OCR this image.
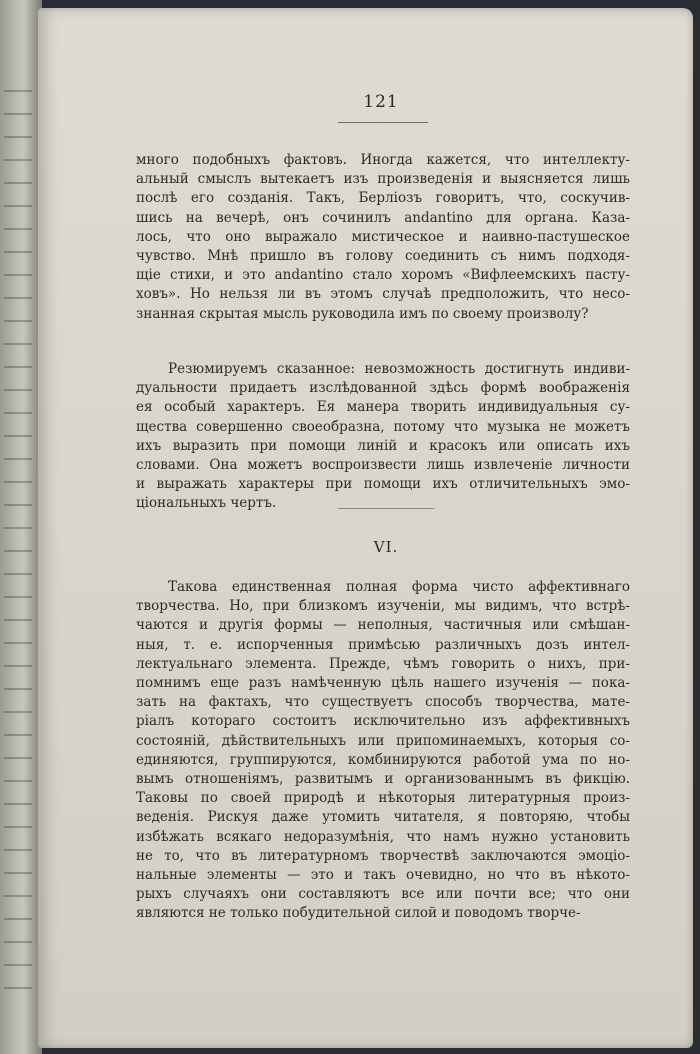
121
много подобныхъ фактовъ. Иногда кажется, что интеллекту-
альный смыслъ вытекаетъ изъ произведенія и выясняется лишь
послѣ его созданія. Такъ, Берліозъ говоритъ, что, соскучив-
шись на вечерѣ, онъ сочинилъ andantino для органа. Каза-
лось, что оно выражало мистическое и наивно-пастушеское
чувство. Мнѣ пришло въ голову соединить съ нимъ подходя-
щіе стихи, и это andantino стало хоромъ «Вифлеемскихъ пасту-
ховъ». Но нельзя ли въ этомъ случаѣ предположить, что несо-
знанная скрытая мысль руководила имъ по своему произволу?
Резюмируемъ сказанное: невозможность достигнуть индиви-
дуальности придаетъ изслѣдованной здѣсь формѣ воображенія
ея особый характеръ. Ея манера творить индивидуальныя су-
щества совершенно своеобразна, потому что музыка не можетъ
ихъ выразить при помощи линій и красокъ или описать ихъ
словами. Она можетъ воспроизвести лишь извлеченіе личности
и выражать характеры при помощи ихъ отличительныхъ эмо-
ціональныхъ чертъ.
VI.
Такова единственная полная форма чисто аффективнаго
творчества. Но, при близкомъ изученіи, мы видимъ, что встрѣ-
чаются и другія формы — неполныя, частичныя или смѣшан-
ныя, т. е. испорченныя примѣсью различныхъ дозъ интел-
лектуальнаго элемента. Прежде, чѣмъ говорить о нихъ, при-
помнимъ еще разъ намѣченную цѣль нашего изученія — пока-
зать на фактахъ, что существуетъ способъ творчества, мате-
ріалъ котораго состоитъ исключительно изъ аффективныхъ
состояній, дѣйствительныхъ или припоминаемыхъ, которыя со-
единяются, группируются, комбинируются работой ума по но-
вымъ отношеніямъ, развитымъ и организованнымъ въ фикцію.
Таковы по своей природѣ и нѣкоторыя литературныя произ-
веденія. Рискуя даже утомить читателя, я повторяю, чтобы
избѣжать всякаго недоразумѣнія, что намъ нужно установить
не то, что въ литературномъ творчествѣ заключаются эмоціо-
нальные элементы — это и такъ очевидно, но что въ нѣкото-
рыхъ случаяхъ они составляютъ все или почти все; что они
являются не только побудительной силой и поводомъ творче-
